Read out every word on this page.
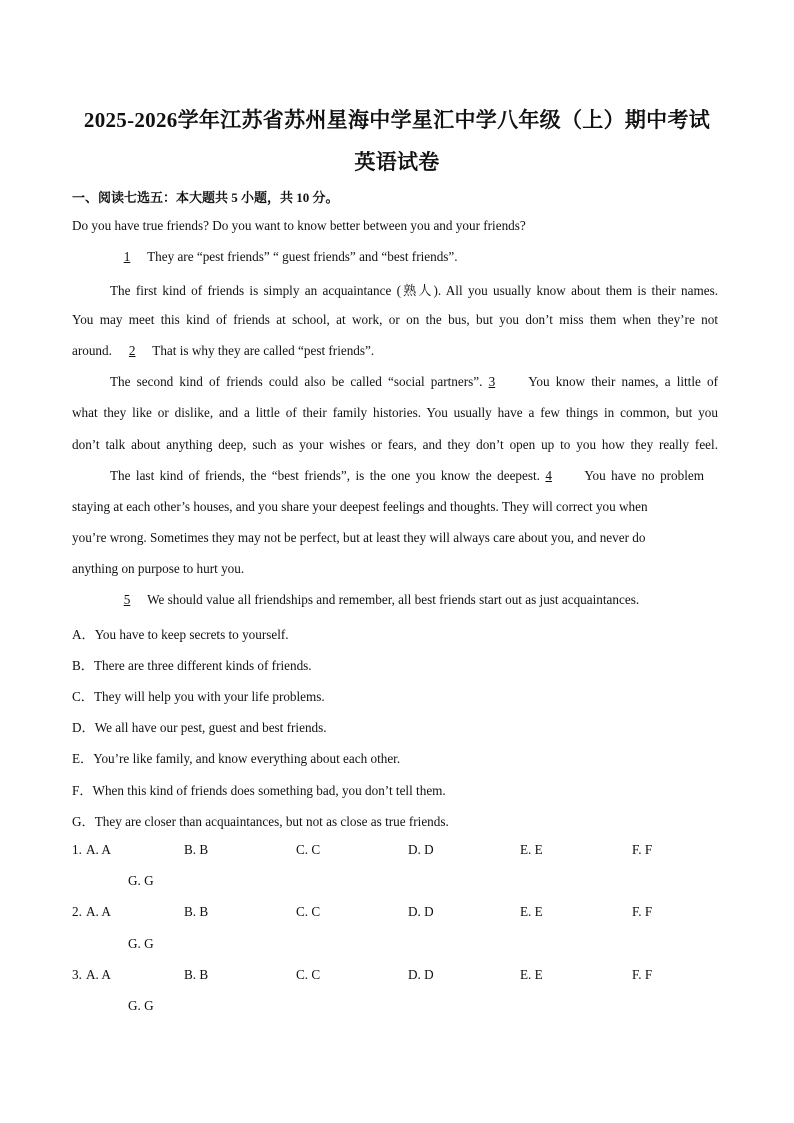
2025-2026学年江苏省苏州星海中学星汇中学八年级（上）期中考试
英语试卷
一、阅读七选五：本大题共 5 小题，共 10 分。
Do you have true friends? Do you want to know better between you and your friends?
1 They are “pest friends” “ guest friends” and “best friends”.
The first kind of friends is simply an acquaintance (熟人). All you usually know about them is their names.
You may meet this kind of friends at school, at work, or on the bus, but you don’t miss them when they’re not
around. 2 That is why they are called “pest friends”.
The second kind of friends could also be called “social partners”. 3	You know their names, a little of
what they like or dislike, and a little of their family histories. You usually have a few things in common, but you
don’t talk about anything deep, such as your wishes or fears, and they don’t open up to you how they really feel.
The last kind of friends, the “best friends”, is the one you know the deepest. 4 You have no problem
staying at each other’s houses, and you share your deepest feelings and thoughts. They will correct you when
you’re wrong. Sometimes they may not be perfect, but at least they will always care about you, and never do
anything on purpose to hurt you.
5 We should value all friendships and remember, all best friends start out as just acquaintances.
A．You have to keep secrets to yourself.
B．There are three different kinds of friends.
C．They will help you with your life problems.
D．We all have our pest, guest and best friends.
E．You’re like family, and know everything about each other.
F．When this kind of friends does something bad, you don’t tell them.
G．They are closer than acquaintances, but not as close as true friends.
1. A. A	B. B	C. C	D. D	E. E	F. F
G. G
2. A. A	B. B	C. C	D. D	E. E	F. F
G. G
3. A. A	B. B	C. C	D. D	E. E	F. F
G. G
